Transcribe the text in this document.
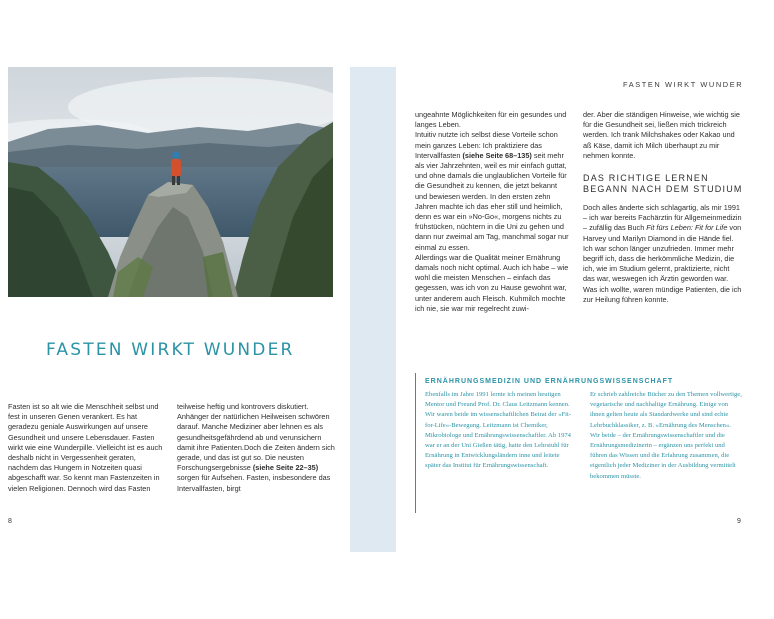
FASTEN WIRKT WUNDER

Fasten ist so alt wie die Menschheit selbst und fest in unseren Genen verankert. Es hat geradezu geniale Auswirkungen auf unsere Gesundheit und unsere Lebensdauer. Fasten wirkt wie eine Wunderpille. Vielleicht ist es auch deshalb nicht in Vergessenheit geraten, nachdem das Hungern in Notzeiten quasi abgeschafft war. So kennt man Fastenzeiten in vielen Religionen. Dennoch wird das Fasten

teilweise heftig und kontrovers diskutiert. Anhänger der natürlichen Heilweisen schwören darauf. Manche Mediziner aber lehnen es als gesundheitsgefährdend ab und verunsichern damit ihre Patienten.Doch die Zeiten ändern sich gerade, und das ist gut so. Die neusten Forschungsergebnisse (siehe Seite 22–35) sorgen für Aufsehen. Fasten, insbesondere das Intervallfasten, birgt

8
FASTEN WIRKT WUNDER

ungeahnte Möglichkeiten für ein gesundes und langes Leben.
Intuitiv nutzte ich selbst diese Vorteile schon mein ganzes Leben: Ich praktiziere das Intervallfasten (siehe Seite 68–135) seit mehr als vier Jahrzehnten, weil es mir einfach guttat, und ohne damals die unglaublichen Vorteile für die Gesundheit zu kennen, die jetzt bekannt und bewiesen werden. In den ersten zehn Jahren machte ich das eher still und heimlich, denn es war ein »No-Go«, morgens nichts zu frühstücken, nüchtern in die Uni zu gehen und dann nur zweimal am Tag, manchmal sogar nur einmal zu essen.
Allerdings war die Qualität meiner Ernährung damals noch nicht optimal. Auch ich habe – wie wohl die meisten Menschen – einfach das gegessen, was ich von zu Hause gewohnt war, unter anderem auch Fleisch. Kuhmilch mochte ich nie, sie war mir regelrecht zuwi-

der. Aber die ständigen Hinweise, wie wichtig sie für die Gesundheit sei, ließen mich trickreich werden. Ich trank Milchshakes oder Kakao und aß Käse, damit ich Milch überhaupt zu mir nehmen konnte.

DAS RICHTIGE LERNEN BEGANN NACH DEM STUDIUM

Doch alles änderte sich schlagartig, als mir 1991 – ich war bereits Fachärztin für Allgemeinmedizin – zufällig das Buch Fit fürs Leben: Fit for Life von Harvey und Marilyn Diamond in die Hände fiel.
Ich war schon länger unzufrieden. Immer mehr begriff ich, dass die herkömmliche Medizin, die ich, wie im Studium gelernt, praktizierte, nicht das war, weswegen ich Ärztin geworden war. Was ich wollte, waren mündige Patienten, die ich zur Heilung führen konnte.

ERNÄHRUNGSMEDIZIN UND ERNÄHRUNGSWISSENSCHAFT

Ebenfalls im Jahre 1991 lernte ich meinen heutigen Mentor und Freund Prof. Dr. Claus Leitzmann kennen. Wir waren beide im wissenschaftlichen Beirat der »Fit-for-Life«-Bewegung. Leitzmann ist Chemiker, Mikrobiologe und Ernährungswissenschaftler. Ab 1974 war er an der Uni Gießen tätig, hatte den Lehrstuhl für Ernährung in Entwicklungsländern inne und leitete später das Institut für Ernährungswissenschaft.

Er schrieb zahlreiche Bücher zu den Themen vollwertige, vegetarische und nachhaltige Ernährung. Einige von ihnen gelten heute als Standardwerke und sind echte Lehrbuchklassiker, z. B. »Ernährung des Menschen«. Wir beide – der Ernährungswissenschaftler und die Ernährungsmedizinerin – ergänzen uns perfekt und führen das Wissen und die Erfahrung zusammen, die eigentlich jeder Mediziner in der Ausbildung vermittelt bekommen müsste.

9
